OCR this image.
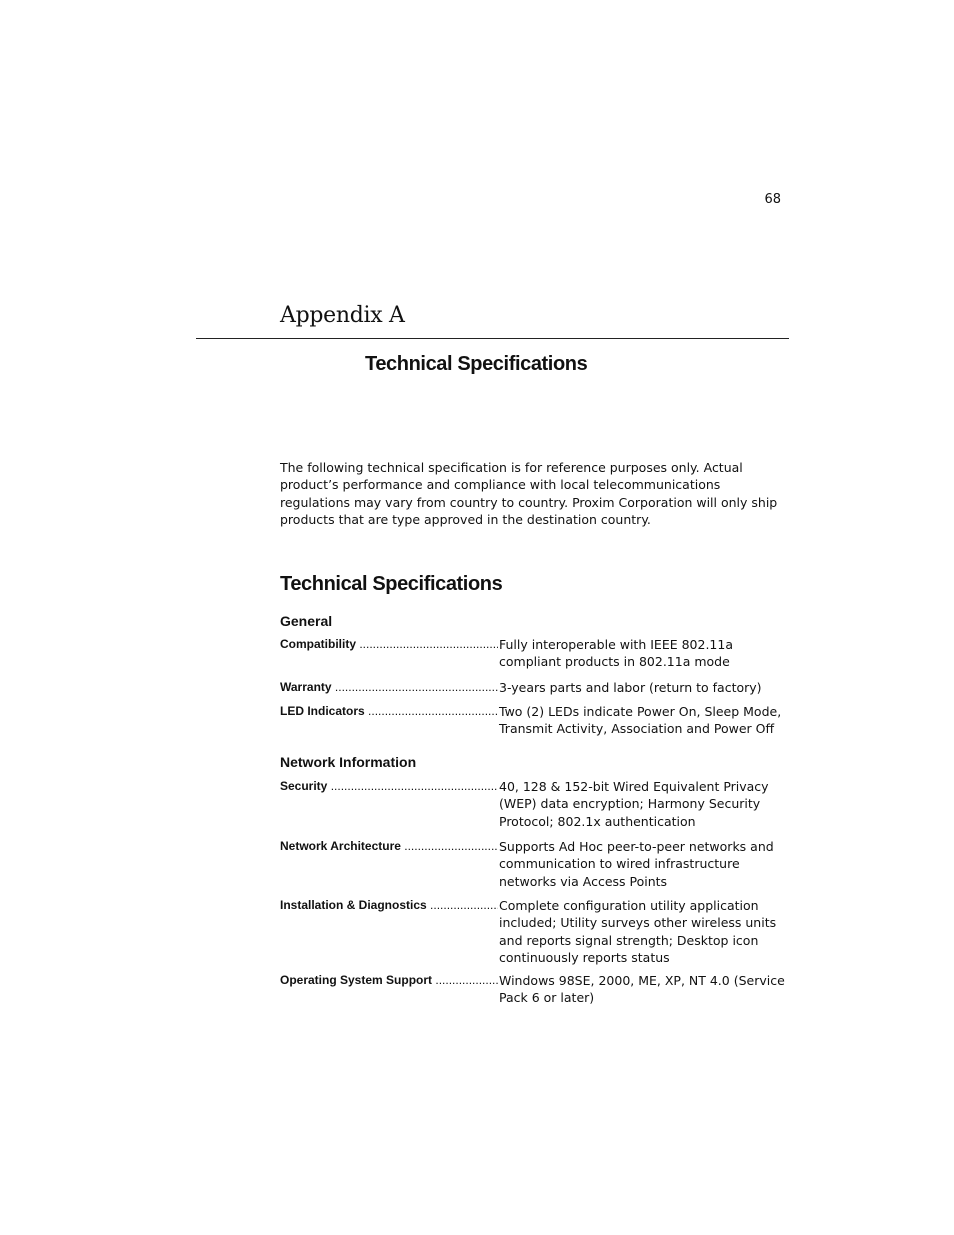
68
Appendix A
Technical Specifications

The following technical specification is for reference purposes only. Actual product’s performance and compliance with local telecommunications regulations may vary from country to country. Proxim Corporation will only ship products that are type approved in the destination country.

Technical Specifications
General
Compatibility .....	Fully interoperable with IEEE 802.11a compliant products in 802.11a mode
Warranty .....	3-years parts and labor (return to factory)
LED Indicators .....	Two (2) LEDs indicate Power On, Sleep Mode, Transmit Activity, Association and Power Off
Network Information
Security .....	40, 128 & 152-bit Wired Equivalent Privacy (WEP) data encryption; Harmony Security Protocol; 802.1x authentication
Network Architecture .....	Supports Ad Hoc peer-to-peer networks and communication to wired infrastructure networks via Access Points
Installation & Diagnostics .....	Complete configuration utility application included; Utility surveys other wireless units and reports signal strength; Desktop icon continuously reports status
Operating System Support .....	Windows 98SE, 2000, ME, XP, NT 4.0 (Service Pack 6 or later)
